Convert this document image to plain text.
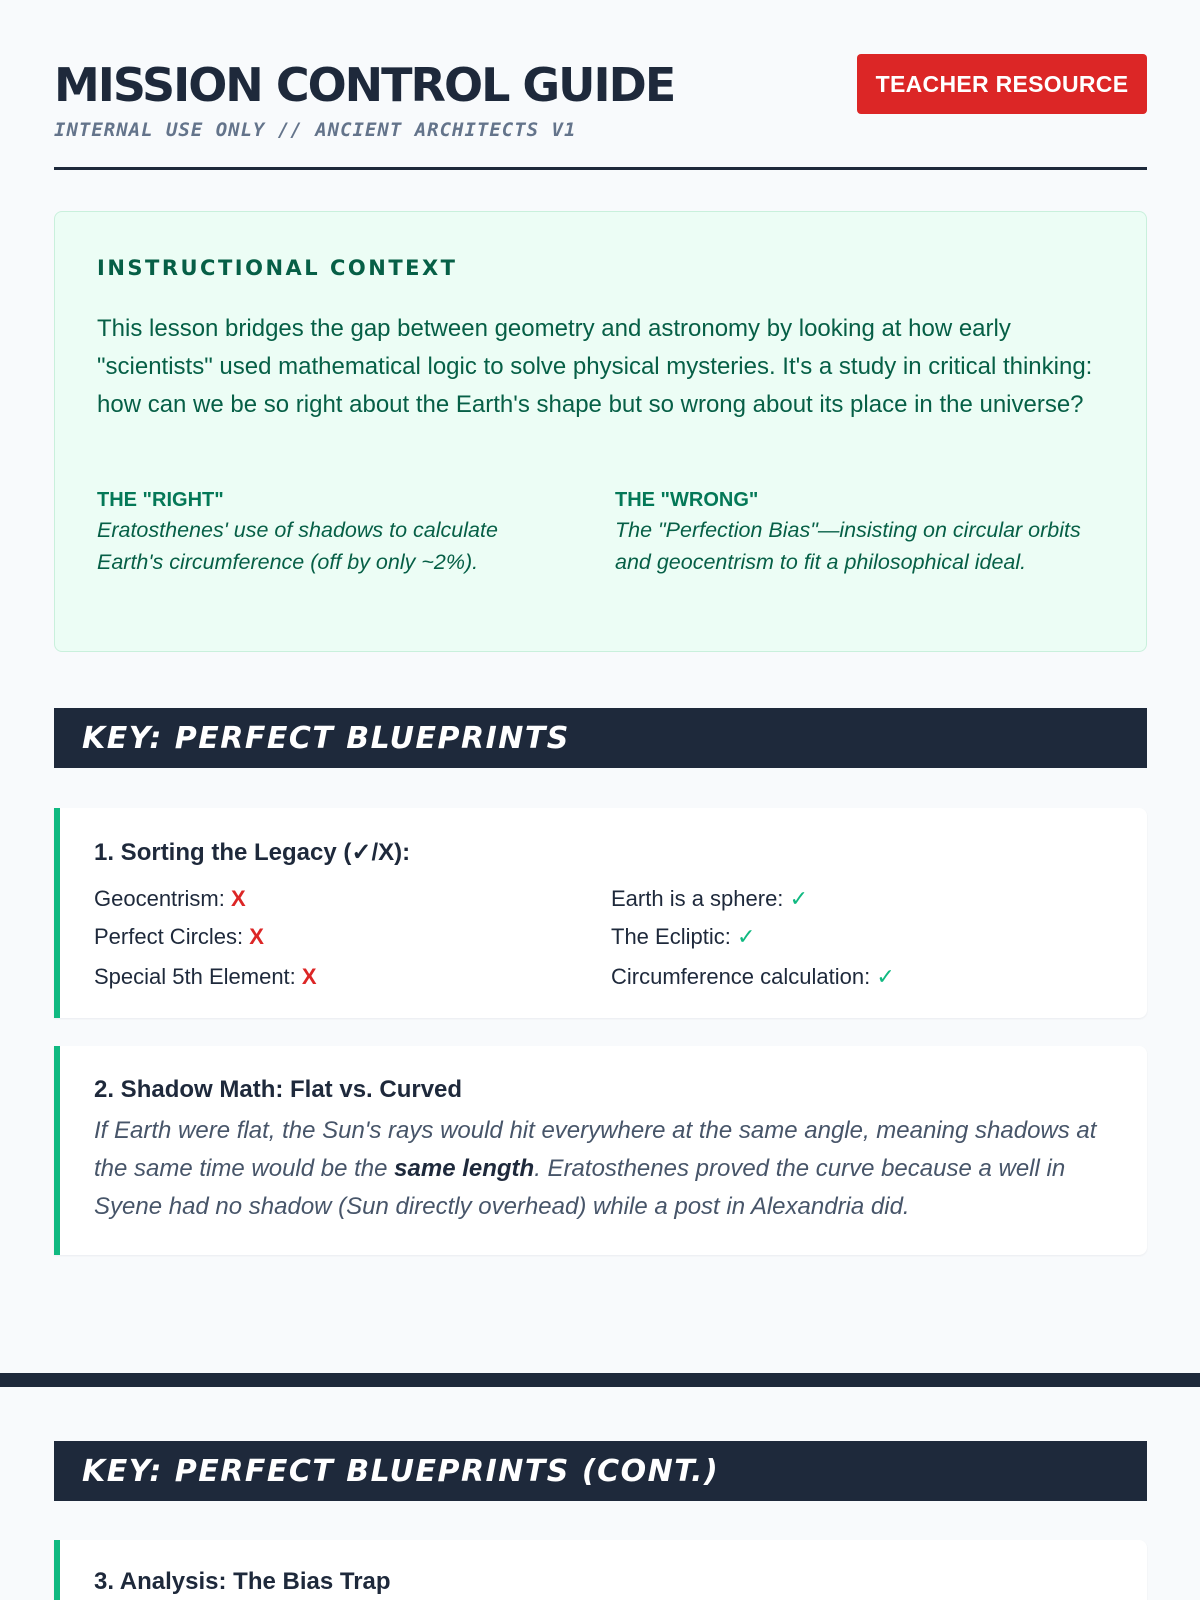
MISSION CONTROL GUIDE
INTERNAL USE ONLY // ANCIENT ARCHITECTS V1
TEACHER RESOURCE
INSTRUCTIONAL CONTEXT
This lesson bridges the gap between geometry and astronomy by looking at how early "scientists" used mathematical logic to solve physical mysteries. It's a study in critical thinking: how can we be so right about the Earth's shape but so wrong about its place in the universe?
THE "RIGHT"
Eratosthenes' use of shadows to calculate Earth's circumference (off by only ~2%).
THE "WRONG"
The "Perfection Bias"—insisting on circular orbits and geocentrism to fit a philosophical ideal.
KEY: PERFECT BLUEPRINTS
1. Sorting the Legacy (✓/X):
Geocentrism: X
Perfect Circles: X
Special 5th Element: X
Earth is a sphere: ✓
The Ecliptic: ✓
Circumference calculation: ✓
2. Shadow Math: Flat vs. Curved
If Earth were flat, the Sun's rays would hit everywhere at the same angle, meaning shadows at the same time would be the same length. Eratosthenes proved the curve because a well in Syene had no shadow (Sun directly overhead) while a post in Alexandria did.
KEY: PERFECT BLUEPRINTS (CONT.)
3. Analysis: The Bias Trap
